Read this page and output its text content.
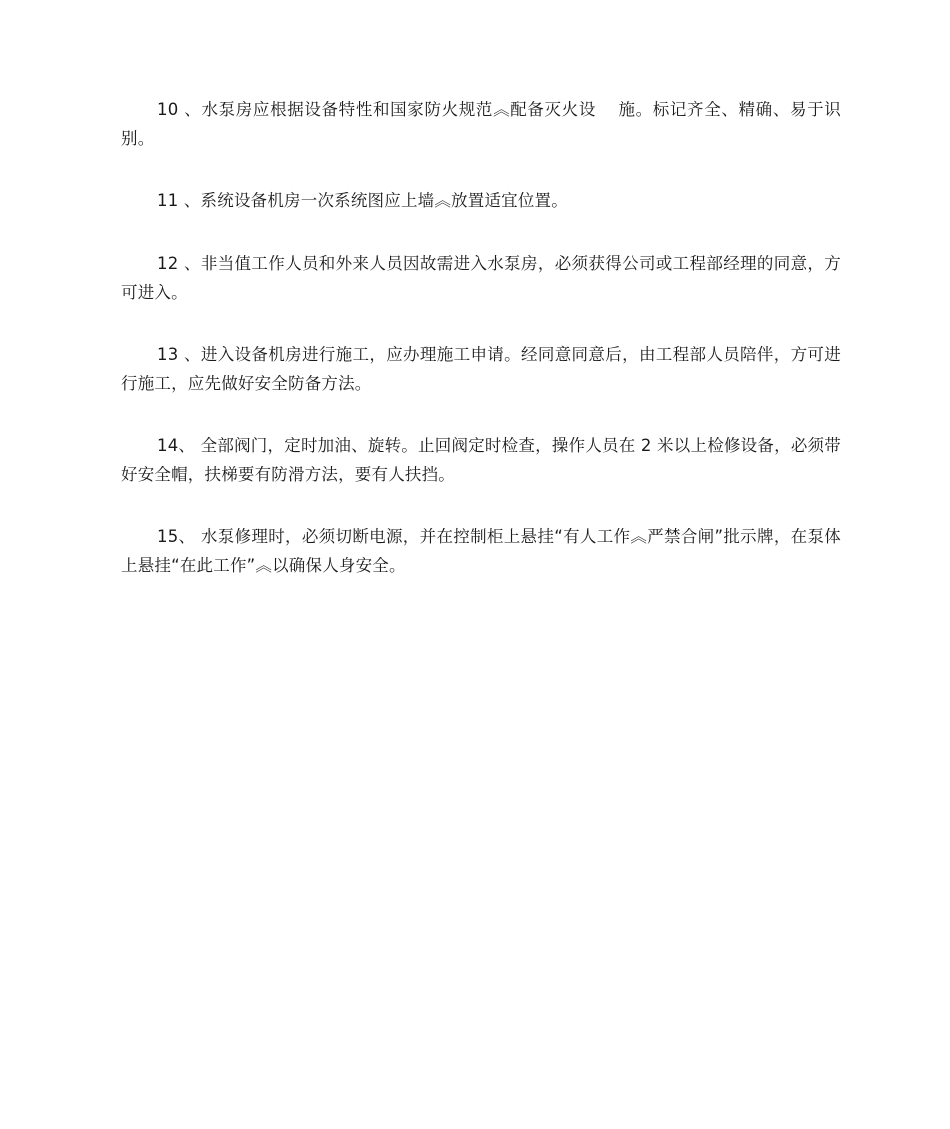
10 、水泵房应根据设备特性和国家防火规范︽配备灭火设 施。标记齐全、精确、易于识别。

11 、系统设备机房一次系统图应上墙︽放置适宜位置。

12 、非当值工作人员和外来人员因故需进入水泵房，必须获得公司或工程部经理的同意，方可进入。

13 、进入设备机房进行施工，应办理施工申请。经同意同意后，由工程部人员陪伴，方可进行施工，应先做好安全防备方法。

14、 全部阀门，定时加油、旋转。止回阀定时检查，操作人员在 2 米以上检修设备，必须带好安全帽，扶梯要有防滑方法，要有人扶挡。

15、 水泵修理时，必须切断电源，并在控制柜上悬挂“有人工作︽严禁合闸”批示牌，在泵体上悬挂“在此工作”︽以确保人身安全。
